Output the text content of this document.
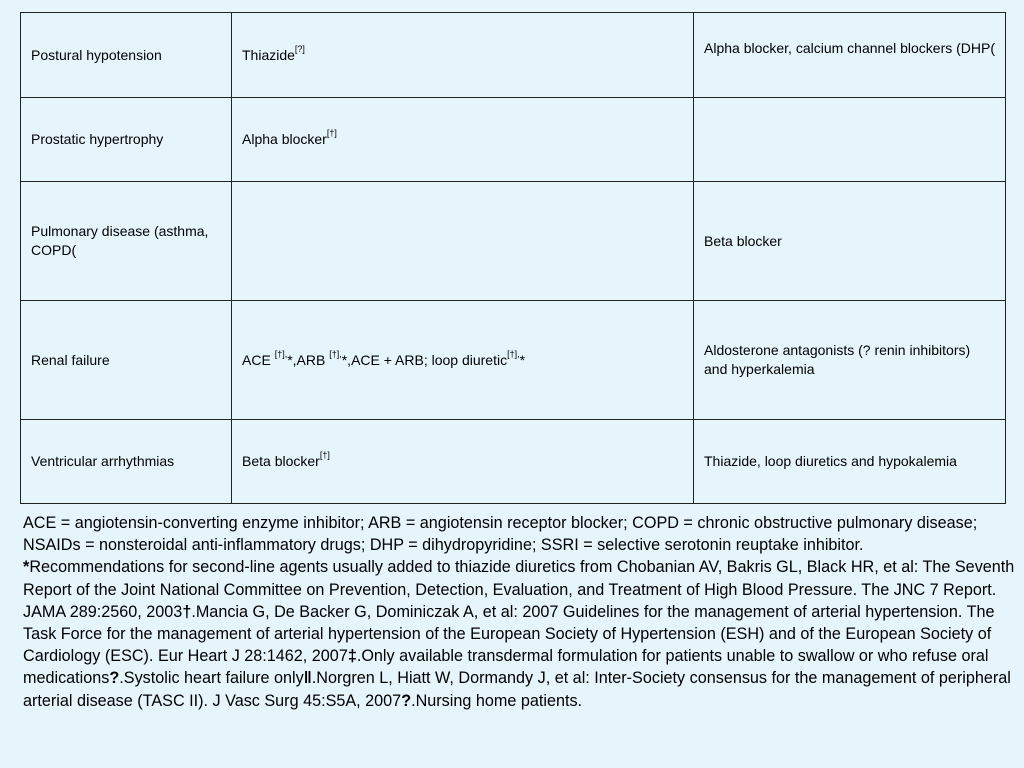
Postural hypotension	Thiazide[?]	Alpha blocker, calcium channel blockers (DHP(

Prostatic hypertrophy	Alpha blocker[†]	
Pulmonary disease (asthma, COPD(		Beta blocker
Renal failure	ACE [†],*,ARB [†],*,ACE + ARB; loop diuretic[†],*	Aldosterone antagonists (? renin inhibitors) and hyperkalemia
Ventricular arrhythmias	Beta blocker[†]	Thiazide, loop diuretics and hypokalemia

ACE = angiotensin-converting enzyme inhibitor; ARB = angiotensin receptor blocker; COPD = chronic obstructive pulmonary disease; NSAIDs = nonsteroidal anti-inflammatory drugs; DHP = dihydropyridine; SSRI = selective serotonin reuptake inhibitor.

*Recommendations for second-line agents usually added to thiazide diuretics from Chobanian AV, Bakris GL, Black HR, et al: The Seventh Report of the Joint National Committee on Prevention, Detection, Evaluation, and Treatment of High Blood Pressure. The JNC 7 Report. JAMA 289:2560, 2003†.Mancia G, De Backer G, Dominiczak A, et al: 2007 Guidelines for the management of arterial hypertension. The Task Force for the management of arterial hypertension of the European Society of Hypertension (ESH) and of the European Society of Cardiology (ESC). Eur Heart J 28:1462, 2007‡.Only available transdermal formulation for patients unable to swallow or who refuse oral medications?.Systolic heart failure only‖.Norgren L, Hiatt W, Dormandy J, et al: Inter-Society consensus for the management of peripheral arterial disease (TASC II). J Vasc Surg 45:S5A, 2007?.Nursing home patients.
